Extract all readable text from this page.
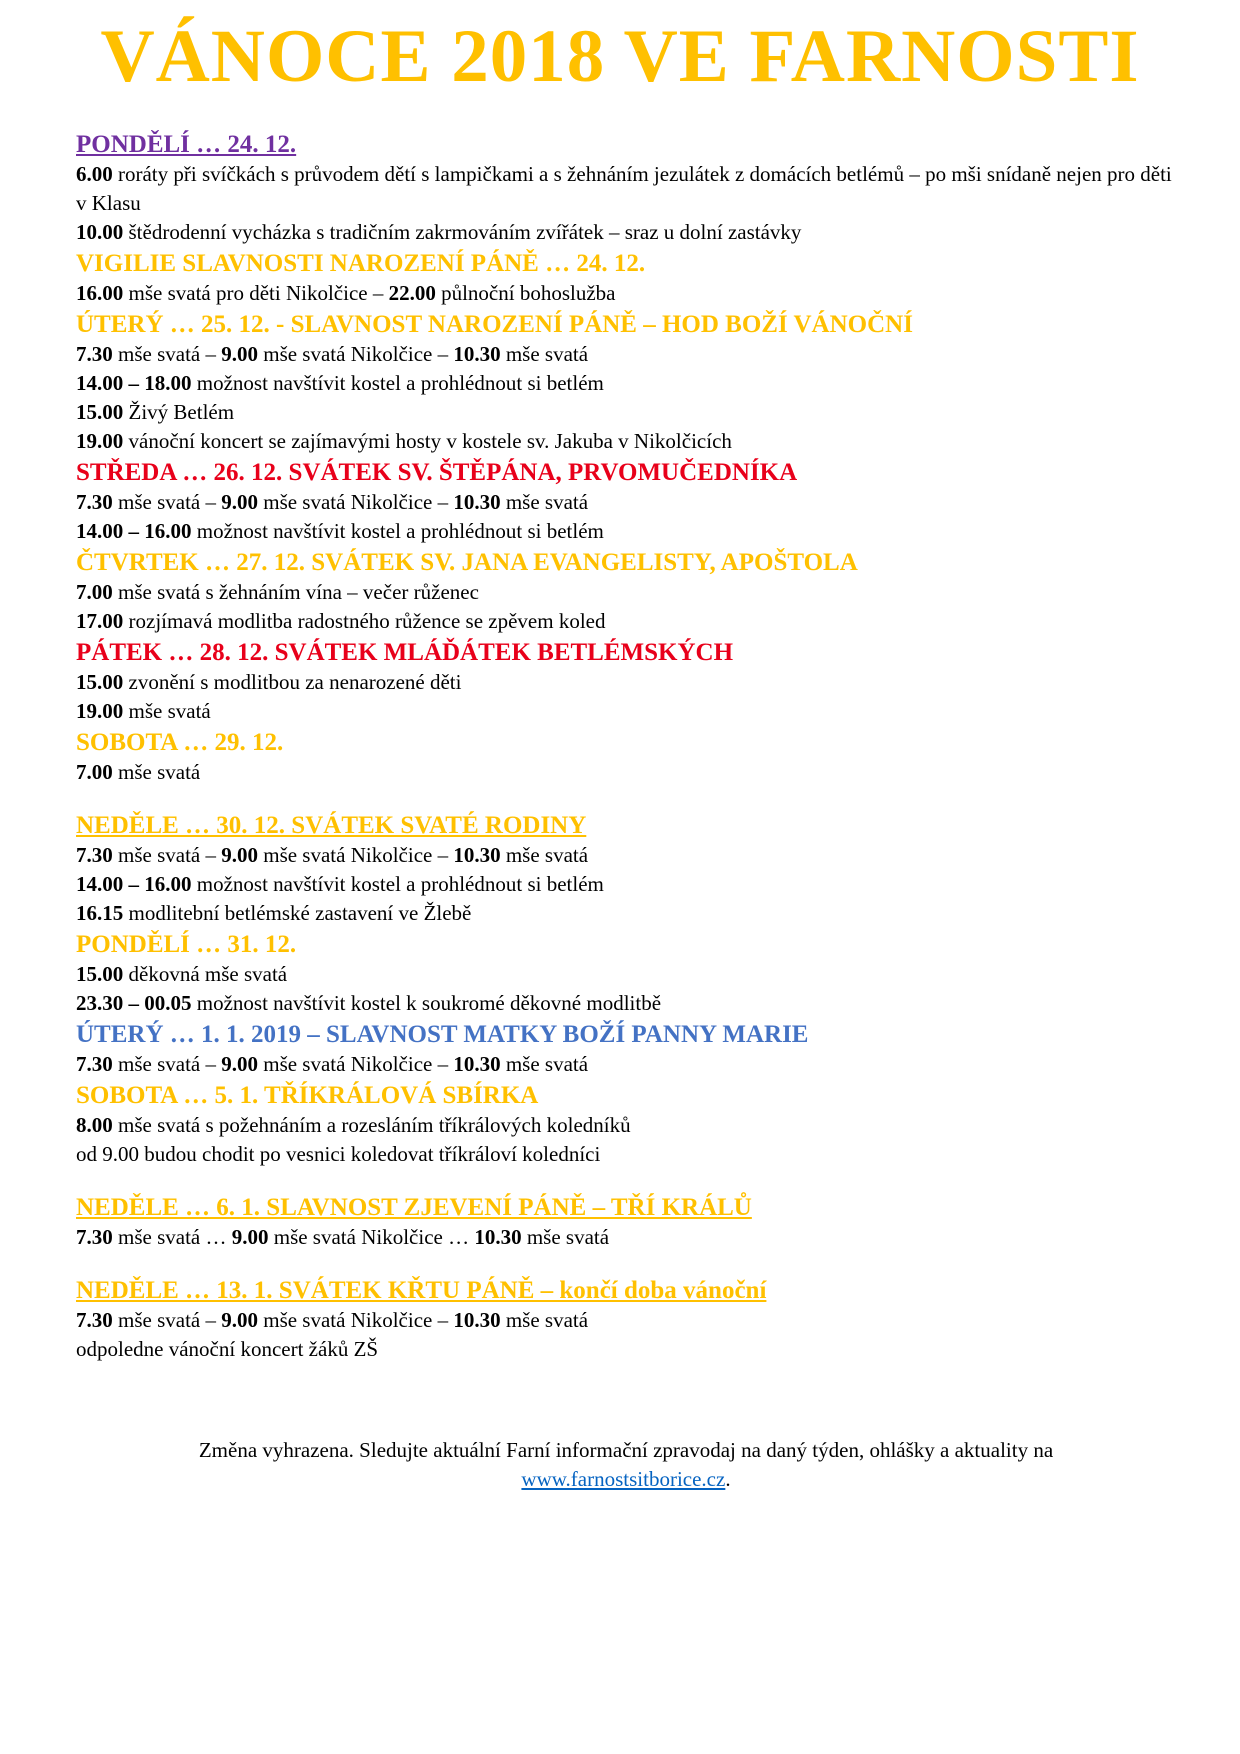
VÁNOCE 2018 VE FARNOSTI
PONDĚLÍ … 24. 12.
6.00 roráty při svíčkách s průvodem dětí s lampičkami a s žehnáním jezulátek z domácích betlémů – po mši snídaně nejen pro děti v Klasu
10.00 štědrodenní vycházka s tradičním zakrmováním zvířátek – sraz u dolní zastávky
VIGILIE SLAVNOSTI NAROZENÍ PÁNĚ … 24. 12.
16.00 mše svatá pro děti Nikolčice – 22.00 půlnoční bohoslužba
ÚTERÝ … 25. 12. - SLAVNOST NAROZENÍ PÁNĚ – HOD BOŽÍ VÁNOČNÍ
7.30 mše svatá – 9.00 mše svatá Nikolčice – 10.30 mše svatá
14.00 – 18.00 možnost navštívit kostel a prohlédnout si betlém
15.00 Živý Betlém
19.00 vánoční koncert se zajímavými hosty v kostele sv. Jakuba v Nikolčicích
STŘEDA … 26. 12. SVÁTEK SV. ŠTĚPÁNA, PRVOMUČEDNÍKA
7.30 mše svatá – 9.00 mše svatá Nikolčice – 10.30 mše svatá
14.00 – 16.00 možnost navštívit kostel a prohlédnout si betlém
ČTVRTEK … 27. 12. SVÁTEK SV. JANA EVANGELISTY, APOŠTOLA
7.00 mše svatá s žehnáním vína – večer růženec
17.00 rozjímavá modlitba radostného růžence se zpěvem koled
PÁTEK … 28. 12. SVÁTEK MLÁĎÁTEK BETLÉMSKÝCH
15.00 zvonění s modlitbou za nenarozené děti
19.00 mše svatá
SOBOTA … 29. 12.
7.00 mše svatá
NEDĚLE … 30. 12. SVÁTEK SVATÉ RODINY
7.30 mše svatá – 9.00 mše svatá Nikolčice – 10.30 mše svatá
14.00 – 16.00 možnost navštívit kostel a prohlédnout si betlém
16.15 modlitební betlémské zastavení ve Žlebě
PONDĚLÍ … 31. 12.
15.00 děkovná mše svatá
23.30 – 00.05 možnost navštívit kostel k soukromé děkovné modlitbě
ÚTERÝ … 1. 1. 2019 – SLAVNOST MATKY BOŽÍ PANNY MARIE
7.30 mše svatá – 9.00 mše svatá Nikolčice – 10.30 mše svatá
SOBOTA … 5. 1. TŘÍKRÁLOVÁ SBÍRKA
8.00 mše svatá s požehnáním a rozesláním tříkrálových koledníků
od 9.00 budou chodit po vesnici koledovat tříkráloví koledníci
NEDĚLE … 6. 1. SLAVNOST ZJEVENÍ PÁNĚ – TŘÍ KRÁLŮ
7.30 mše svatá … 9.00 mše svatá Nikolčice … 10.30 mše svatá
NEDĚLE … 13. 1. SVÁTEK KŘTU PÁNĚ – končí doba vánoční
7.30 mše svatá – 9.00 mše svatá Nikolčice – 10.30 mše svatá
odpoledne vánoční koncert žáků ZŠ
Změna vyhrazena. Sledujte aktuální Farní informační zpravodaj na daný týden, ohlášky a aktuality na
www.farnostsitborice.cz.
